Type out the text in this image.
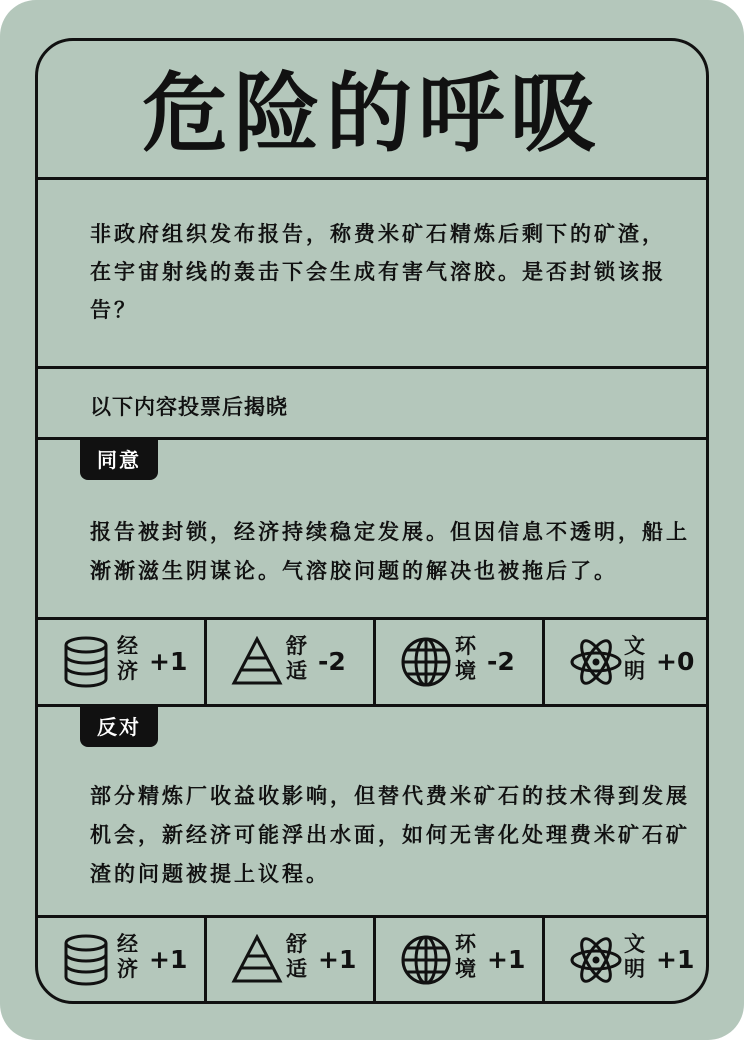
危险的呼吸
非政府组织发布报告，称费米矿石精炼后剩下的矿渣，在宇宙射线的轰击下会生成有害气溶胶。是否封锁该报告？
以下内容投票后揭晓
同意
报告被封锁，经济持续稳定发展。但因信息不透明，船上渐渐滋生阴谋论。气溶胶问题的解决也被拖后了。
经济 +1
舒适 -2
环境 -2
文明 +0
反对
部分精炼厂收益收影响，但替代费米矿石的技术得到发展机会，新经济可能浮出水面，如何无害化处理费米矿石矿渣的问题被提上议程。
经济 +1
舒适 +1
环境 +1
文明 +1
